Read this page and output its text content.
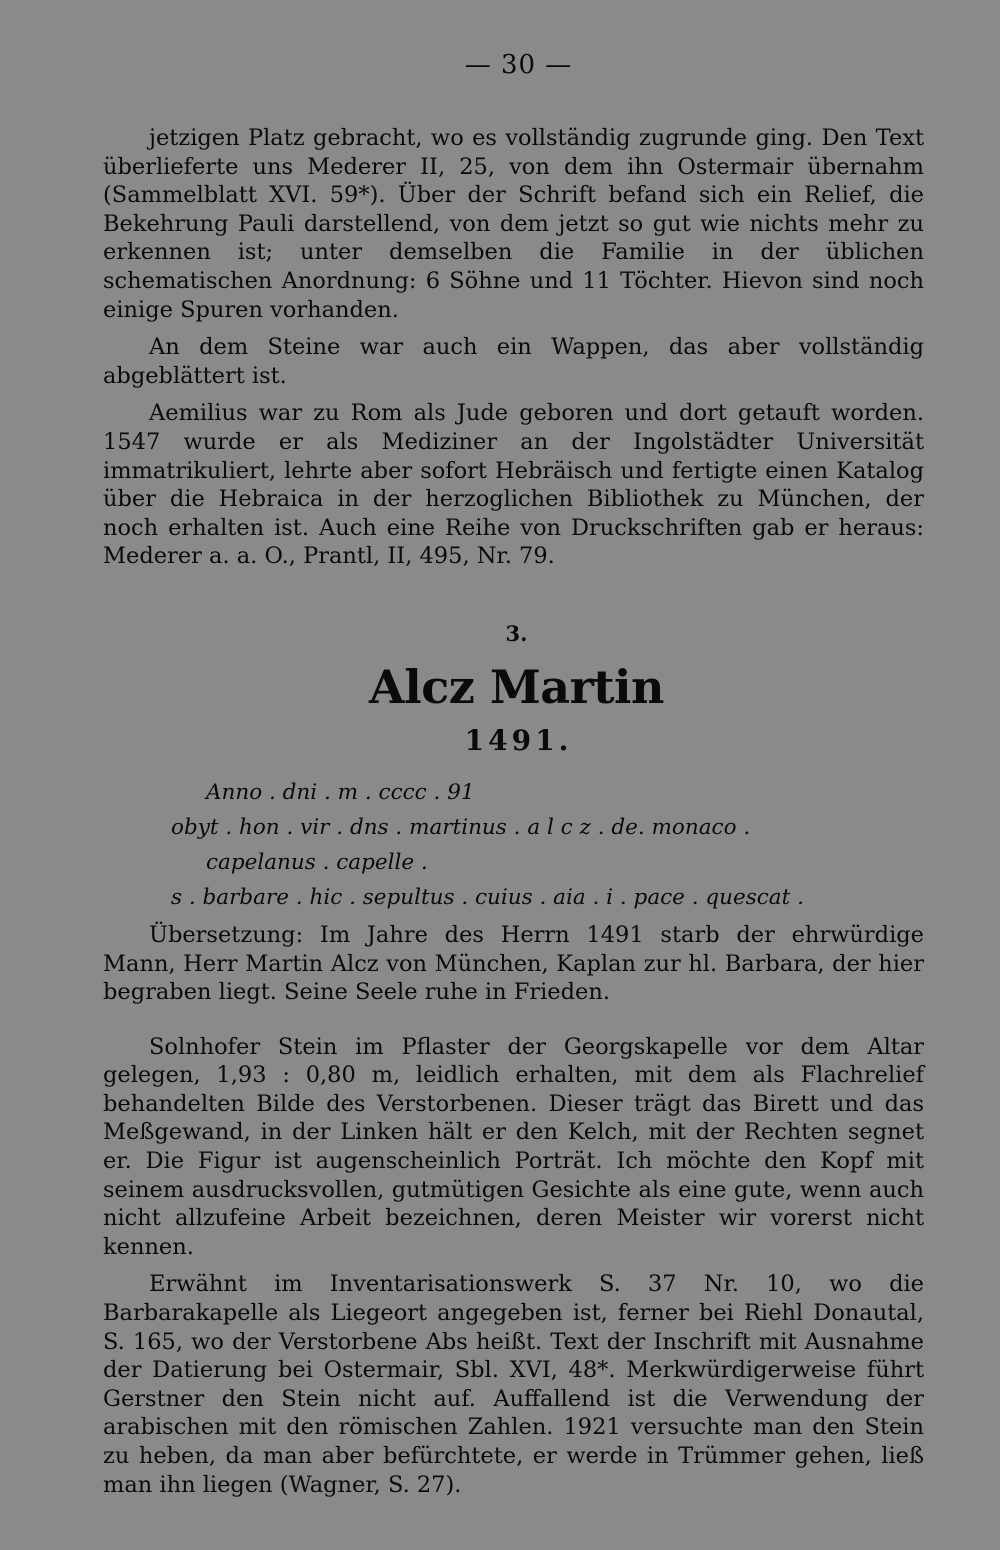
— 30 —

jetzigen Platz gebracht, wo es vollständig zugrunde ging. Den Text überlieferte uns Mederer II, 25, von dem ihn Ostermair übernahm (Sammelblatt XVI. 59*). Über der Schrift befand sich ein Relief, die Bekehrung Pauli darstellend, von dem jetzt so gut wie nichts mehr zu erkennen ist; unter demselben die Familie in der üblichen schematischen Anordnung: 6 Söhne und 11 Töchter. Hievon sind noch einige Spuren vorhanden.

An dem Steine war auch ein Wappen, das aber vollständig abgeblättert ist.

Aemilius war zu Rom als Jude geboren und dort getauft worden. 1547 wurde er als Mediziner an der Ingolstädter Universität immatrikuliert, lehrte aber sofort Hebräisch und fertigte einen Katalog über die Hebraica in der herzoglichen Bibliothek zu München, der noch erhalten ist. Auch eine Reihe von Druckschriften gab er heraus: Mederer a. a. O., Prantl, II, 495, Nr. 79.

3.
Alcz Martin
1491.
Anno . dni . m . cccc . 91
obyt . hon . vir . dns . martinus . a l c z . de. monaco .
capelanus . capelle .
s . barbare . hic . sepultus . cuius . aia . i . pace . quescat .

Übersetzung: Im Jahre des Herrn 1491 starb der ehrwürdige Mann, Herr Martin Alcz von München, Kaplan zur hl. Barbara, der hier begraben liegt. Seine Seele ruhe in Frieden.

Solnhofer Stein im Pflaster der Georgskapelle vor dem Altar gelegen, 1,93 : 0,80 m, leidlich erhalten, mit dem als Flachrelief behandelten Bilde des Verstorbenen. Dieser trägt das Birett und das Meßgewand, in der Linken hält er den Kelch, mit der Rechten segnet er. Die Figur ist augenscheinlich Porträt. Ich möchte den Kopf mit seinem ausdrucksvollen, gutmütigen Gesichte als eine gute, wenn auch nicht allzufeine Arbeit bezeichnen, deren Meister wir vorerst nicht kennen.

Erwähnt im Inventarisationswerk S. 37 Nr. 10, wo die Barbarakapelle als Liegeort angegeben ist, ferner bei Riehl Donautal, S. 165, wo der Verstorbene Abs heißt. Text der Inschrift mit Ausnahme der Datierung bei Ostermair, Sbl. XVI, 48*. Merkwürdigerweise führt Gerstner den Stein nicht auf. Auffallend ist die Verwendung der arabischen mit den römischen Zahlen. 1921 versuchte man den Stein zu heben, da man aber befürchtete, er werde in Trümmer gehen, ließ man ihn liegen (Wagner, S. 27).
